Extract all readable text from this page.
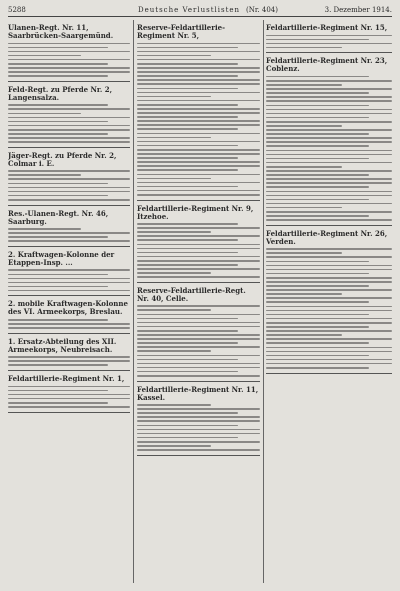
5288	Deutsche Verlustlisten (Nr. 404)	3. Dezember 1914.
Ulanen-Regt. Nr. 11, Saarbrücken-Saargemünd.
Feld-Regt. zu Pferde Nr. 2, Langensalza.
Jäger-Regt. zu Pferde Nr. 2, Colmar i. E.
Res.-Ulanen-Regt. Nr. 46, Saarburg.
2. Kraftwagen-Kolonne der Etappen-Insp. ...
2. mobile Kraftwagen-Kolonne des VI. Armeekorps, Breslau.
1. Ersatz-Abteilung des XII. Armeekorps, Neubreisach.
Feldartillerie-Regiment Nr. 1,
Reserve-Feldartillerie-Regiment Nr. 5,
Feldartillerie-Regiment Nr. 9, Itzehoe.
Reserve-Feldartillerie-Regt. Nr. 40, Celle.
Feldartillerie-Regiment Nr. 11, Kassel.
Feldartillerie-Regiment Nr. 15,
Feldartillerie-Regiment Nr. 23, Coblenz.
Feldartillerie-Regiment Nr. 26, Verden.
